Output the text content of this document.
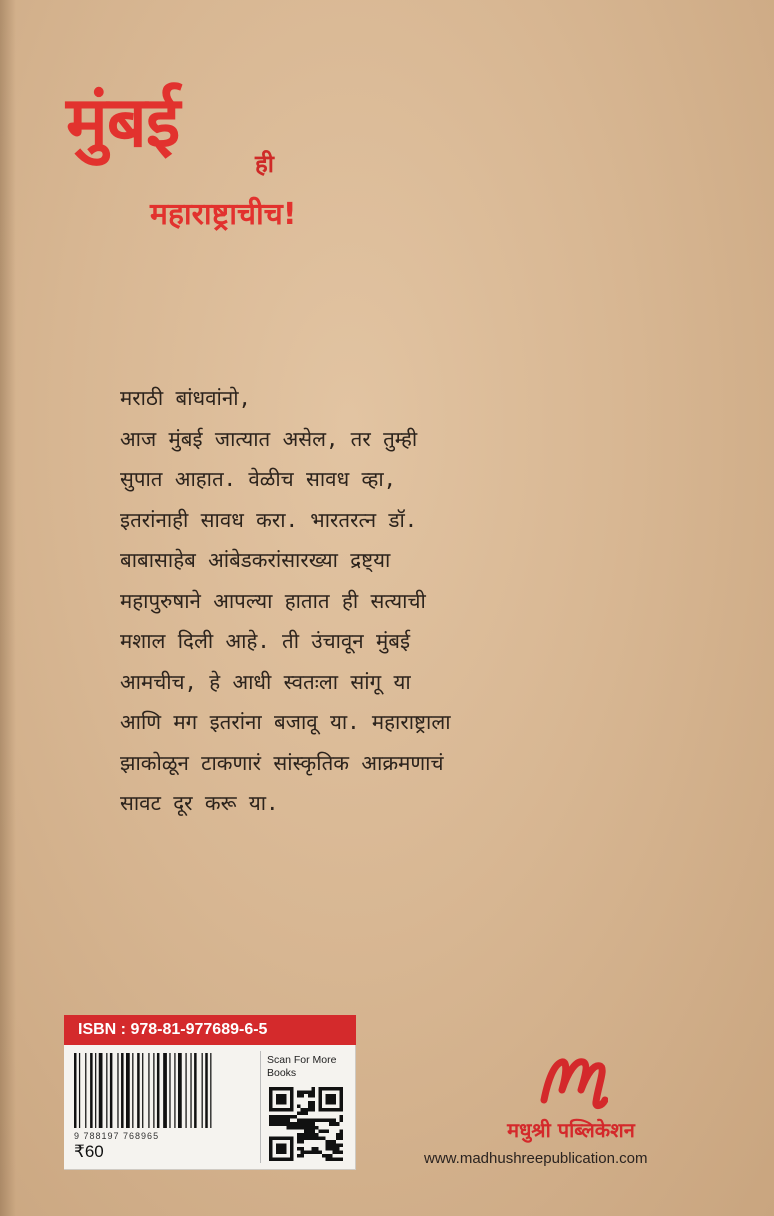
मुंबई
ही
महाराष्ट्राचीच!
मराठी बांधवांनो,
आज मुंबई जात्यात असेल, तर तुम्ही
सुपात आहात. वेळीच सावध व्हा,
इतरांनाही सावध करा. भारतरत्न डॉ.
बाबासाहेब आंबेडकरांसारख्या द्रष्ट्या
महापुरुषाने आपल्या हातात ही सत्याची
मशाल दिली आहे. ती उंचावून मुंबई
आमचीच, हे आधी स्वतःला सांगू या
आणि मग इतरांना बजावू या. महाराष्ट्राला
झाकोळून टाकणारं सांस्कृतिक आक्रमणाचं
सावट दूर करू या.
ISBN : 978-81-977689-6-5
9 788197 768965
₹60
Scan For More Books
मधुश्री पब्लिकेशन
www.madhushreepublication.com
